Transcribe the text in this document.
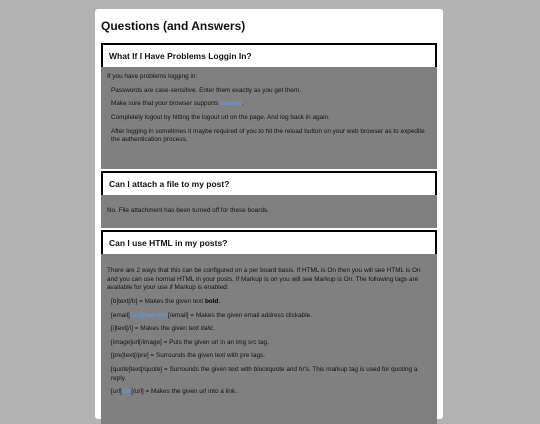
Questions (and Answers)
What If I Have Problems Loggin In?

If you have problems logging in:

Passwords are case-sensitive. Enter them exactly as you get them.

Make sure that your browser supports cookies.

Completely logout by hitting the logout url on the page. And log back in again.

After logging in sometimes it maybe required of you to hit the reload button on your web browser as to expedite the authentication process.

Can I attach a file to my post?

No. File attachment has been turned off for these boards.

Can I use HTML in my posts?

There are 2 ways that this can be configured on a per board basis. If HTML is On then you will see HTML is On and you can use normal HTML in your posts. If Markup is on you will see Markup is On. The following tags are available for your use if Markup is enabled:

[b]text[/b] = Makes the given text bold.

[email]foo@bar.com[/email] = Makes the given email address clickable.

[i]text[/i] = Makes the given text italic.

[image]url[/image] = Puts the given url in an img src tag.

[pre]text[/pre] = Surrounds the given text with pre tags.

[quote]text[/quote] = Surrounds the given text with blockquote and hr's. This markup tag is used for quoting a reply.

[url]link[/url] = Makes the given url into a link.
